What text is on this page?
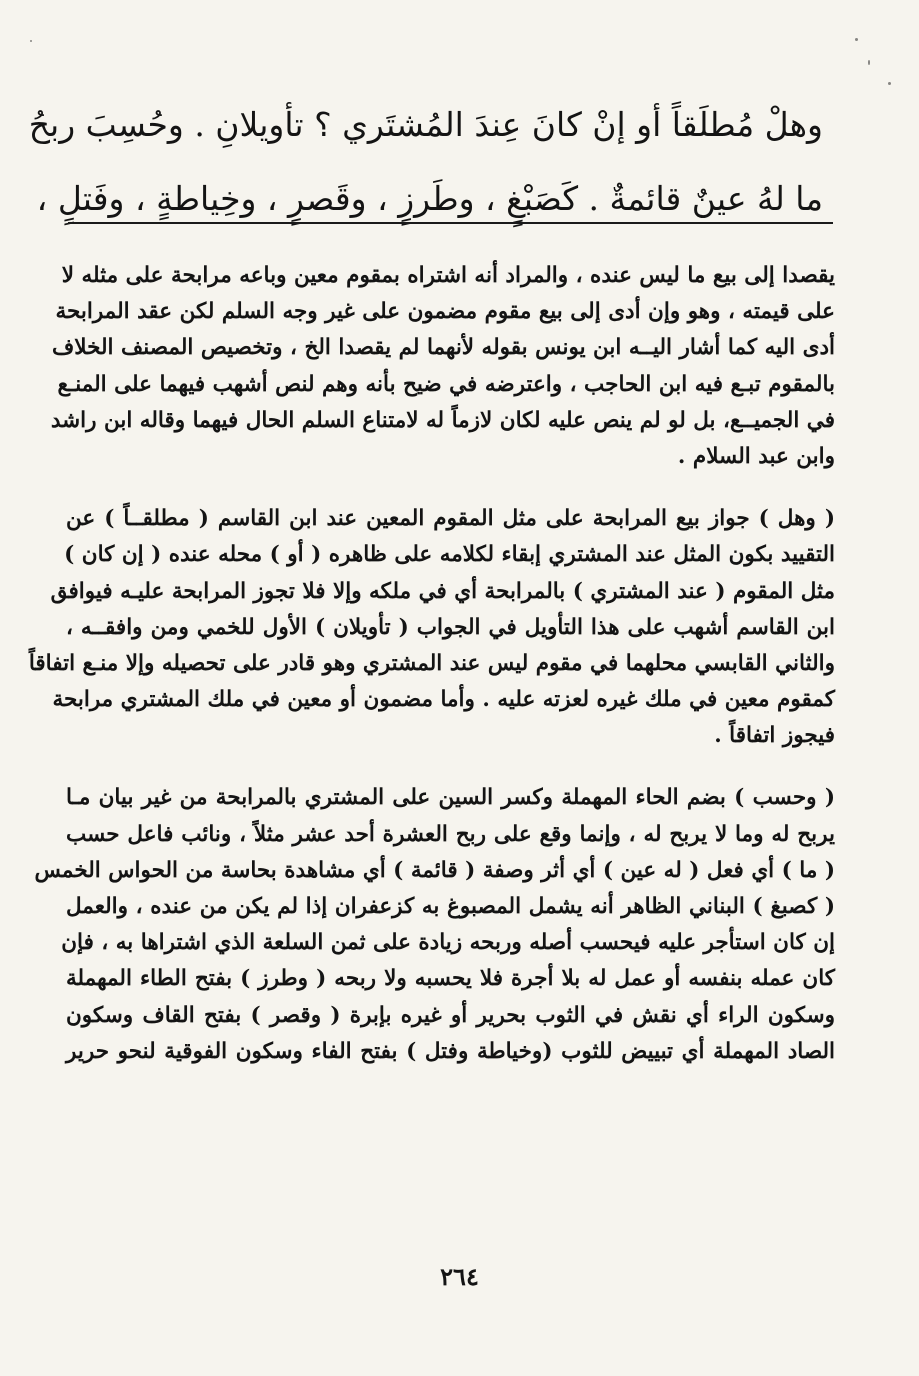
وهلْ مُطلَقاً أو إنْ كانَ عِندَ المُشتَري ؟ تأويلانِ . وحُسِبَ ربحُ
ما لهُ عينٌ قائمةٌ . كَصَبْغٍ ، وطَرزٍ ، وقَصرٍ ، وخِياطةٍ ، وفَتلٍ ،

يقصدا إلى بيع ما ليس عنده ، والمراد أنه اشتراه بمقوم معين وباعه مرابحة على مثله لا
على قيمته ، وهو وإن أدى إلى بيع مقوم مضمون على غير وجه السلم لكن عقد المرابحة
أدى اليه كما أشار اليــه ابن يونس بقوله لأنهما لم يقصدا الخ ، وتخصيص المصنف الخلاف
بالمقوم تبـع فيه ابن الحاجب ، واعترضه في ضيح بأنه وهم لنص أشهب فيهما على المنـع
في الجميــع، بل لو لم ينص عليه لكان لازماً له لامتناع السلم الحال فيهما وقاله ابن راشد
وابن عبد السلام .

( وهل ) جواز بيع المرابحة على مثل المقوم المعين عند ابن القاسم ( مطلقــاً ) عن
التقييد بكون المثل عند المشتري إبقاء لكلامه على ظاهره ( أو ) محله عنده ( إن كان )
مثل المقوم ( عند المشتري ) بالمرابحة أي في ملكه وإلا فلا تجوز المرابحة عليـه فيوافق
ابن القاسم أشهب على هذا التأويل في الجواب ( تأويلان ) الأول للخمي ومن وافقــه ،
والثاني القابسي محلهما في مقوم ليس عند المشتري وهو قادر على تحصيله وإلا منـع اتفاقاً
كمقوم معين في ملك غيره لعزته عليه . وأما مضمون أو معين في ملك المشتري مرابحة
فيجوز اتفاقاً .

( وحسب ) بضم الحاء المهملة وكسر السين على المشتري بالمرابحة من غير بيان مـا
يربح له وما لا يربح له ، وإنما وقع على ربح العشرة أحد عشر مثلاً ، ونائب فاعل حسب
( ما ) أي فعل ( له عين ) أي أثر وصفة ( قائمة ) أي مشاهدة بحاسة من الحواس الخمس
( كصبغ ) البناني الظاهر أنه يشمل المصبوغ به كزعفران إذا لم يكن من عنده ، والعمل
إن كان استأجر عليه فيحسب أصله وربحه زيادة على ثمن السلعة الذي اشتراها به ، فإن
كان عمله بنفسه أو عمل له بلا أجرة فلا يحسبه ولا ربحه ( وطرز ) بفتح الطاء المهملة
وسكون الراء أي نقش في الثوب بحرير أو غيره بإبرة ( وقصر ) بفتح القاف وسكون
الصاد المهملة أي تبييض للثوب (وخياطة وفتل ) بفتح الفاء وسكون الفوقية لنحو حرير

٢٦٤
